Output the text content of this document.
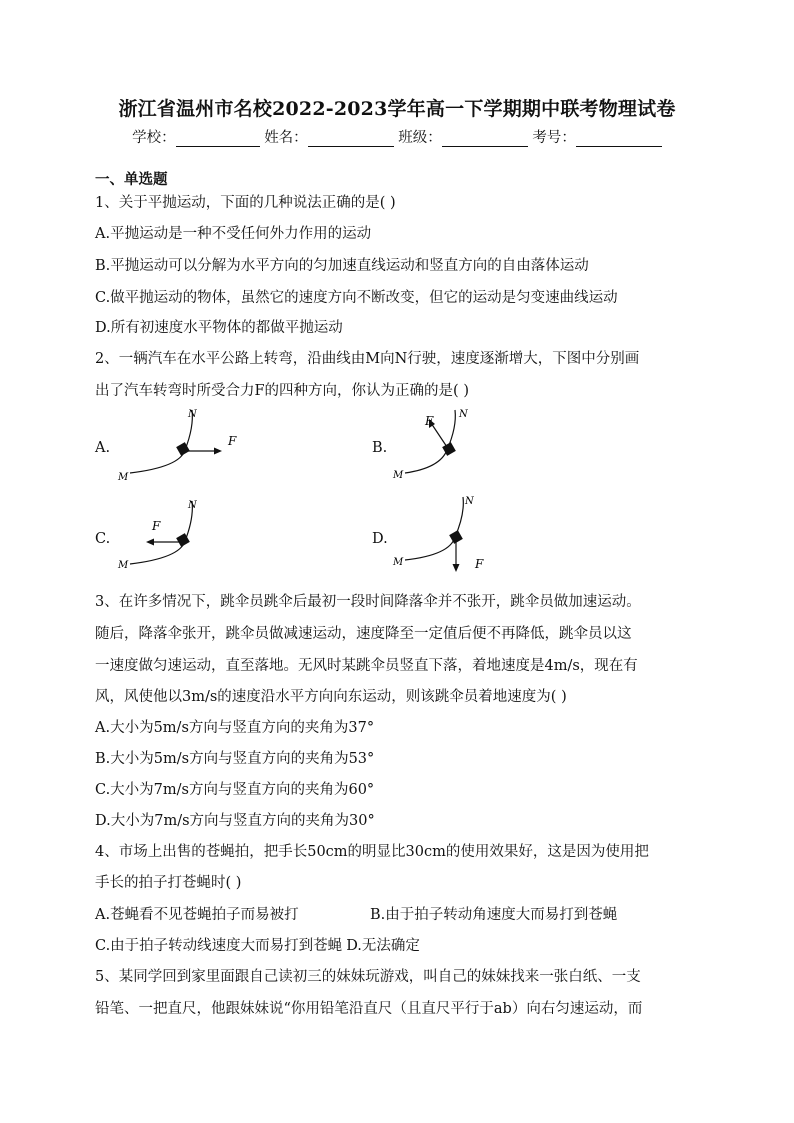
浙江省温州市名校2022-2023学年高一下学期期中联考物理试卷
学校：	姓名：	班级：	考号：
一、单选题
1、关于平抛运动，下面的几种说法正确的是( )
A.平抛运动是一种不受任何外力作用的运动
B.平抛运动可以分解为水平方向的匀加速直线运动和竖直方向的自由落体运动
C.做平抛运动的物体，虽然它的速度方向不断改变，但它的运动是匀变速曲线运动
D.所有初速度水平物体的都做平抛运动
2、一辆汽车在水平公路上转弯，沿曲线由M向N行驶，速度逐渐增大，下图中分别画
出了汽车转弯时所受合力F的四种方向，你认为正确的是( )
A.
M
N
F	B.
M
N
F
C.
M
N
F
D.
M
N
F
3、在许多情况下，跳伞员跳伞后最初一段时间降落伞并不张开，跳伞员做加速运动。
随后，降落伞张开，跳伞员做减速运动，速度降至一定值后便不再降低，跳伞员以这
一速度做匀速运动，直至落地。无风时某跳伞员竖直下落，着地速度是4m/s，现在有
风，风使他以3m/s的速度沿水平方向向东运动，则该跳伞员着地速度为( )
A.大小为5m/s方向与竖直方向的夹角为37°
B.大小为5m/s方向与竖直方向的夹角为53°
C.大小为7m/s方向与竖直方向的夹角为60°
D.大小为7m/s方向与竖直方向的夹角为30°
4、市场上出售的苍蝇拍，把手长50cm的明显比30cm的使用效果好，这是因为使用把
手长的拍子打苍蝇时( )
A.苍蝇看不见苍蝇拍子而易被打	B.由于拍子转动角速度大而易打到苍蝇
C.由于拍子转动线速度大而易打到苍蝇 D.无法确定
5、某同学回到家里面跟自己读初三的妹妹玩游戏，叫自己的妹妹找来一张白纸、一支
铅笔、一把直尺，他跟妹妹说“你用铅笔沿直尺（且直尺平行于ab）向右匀速运动，而
